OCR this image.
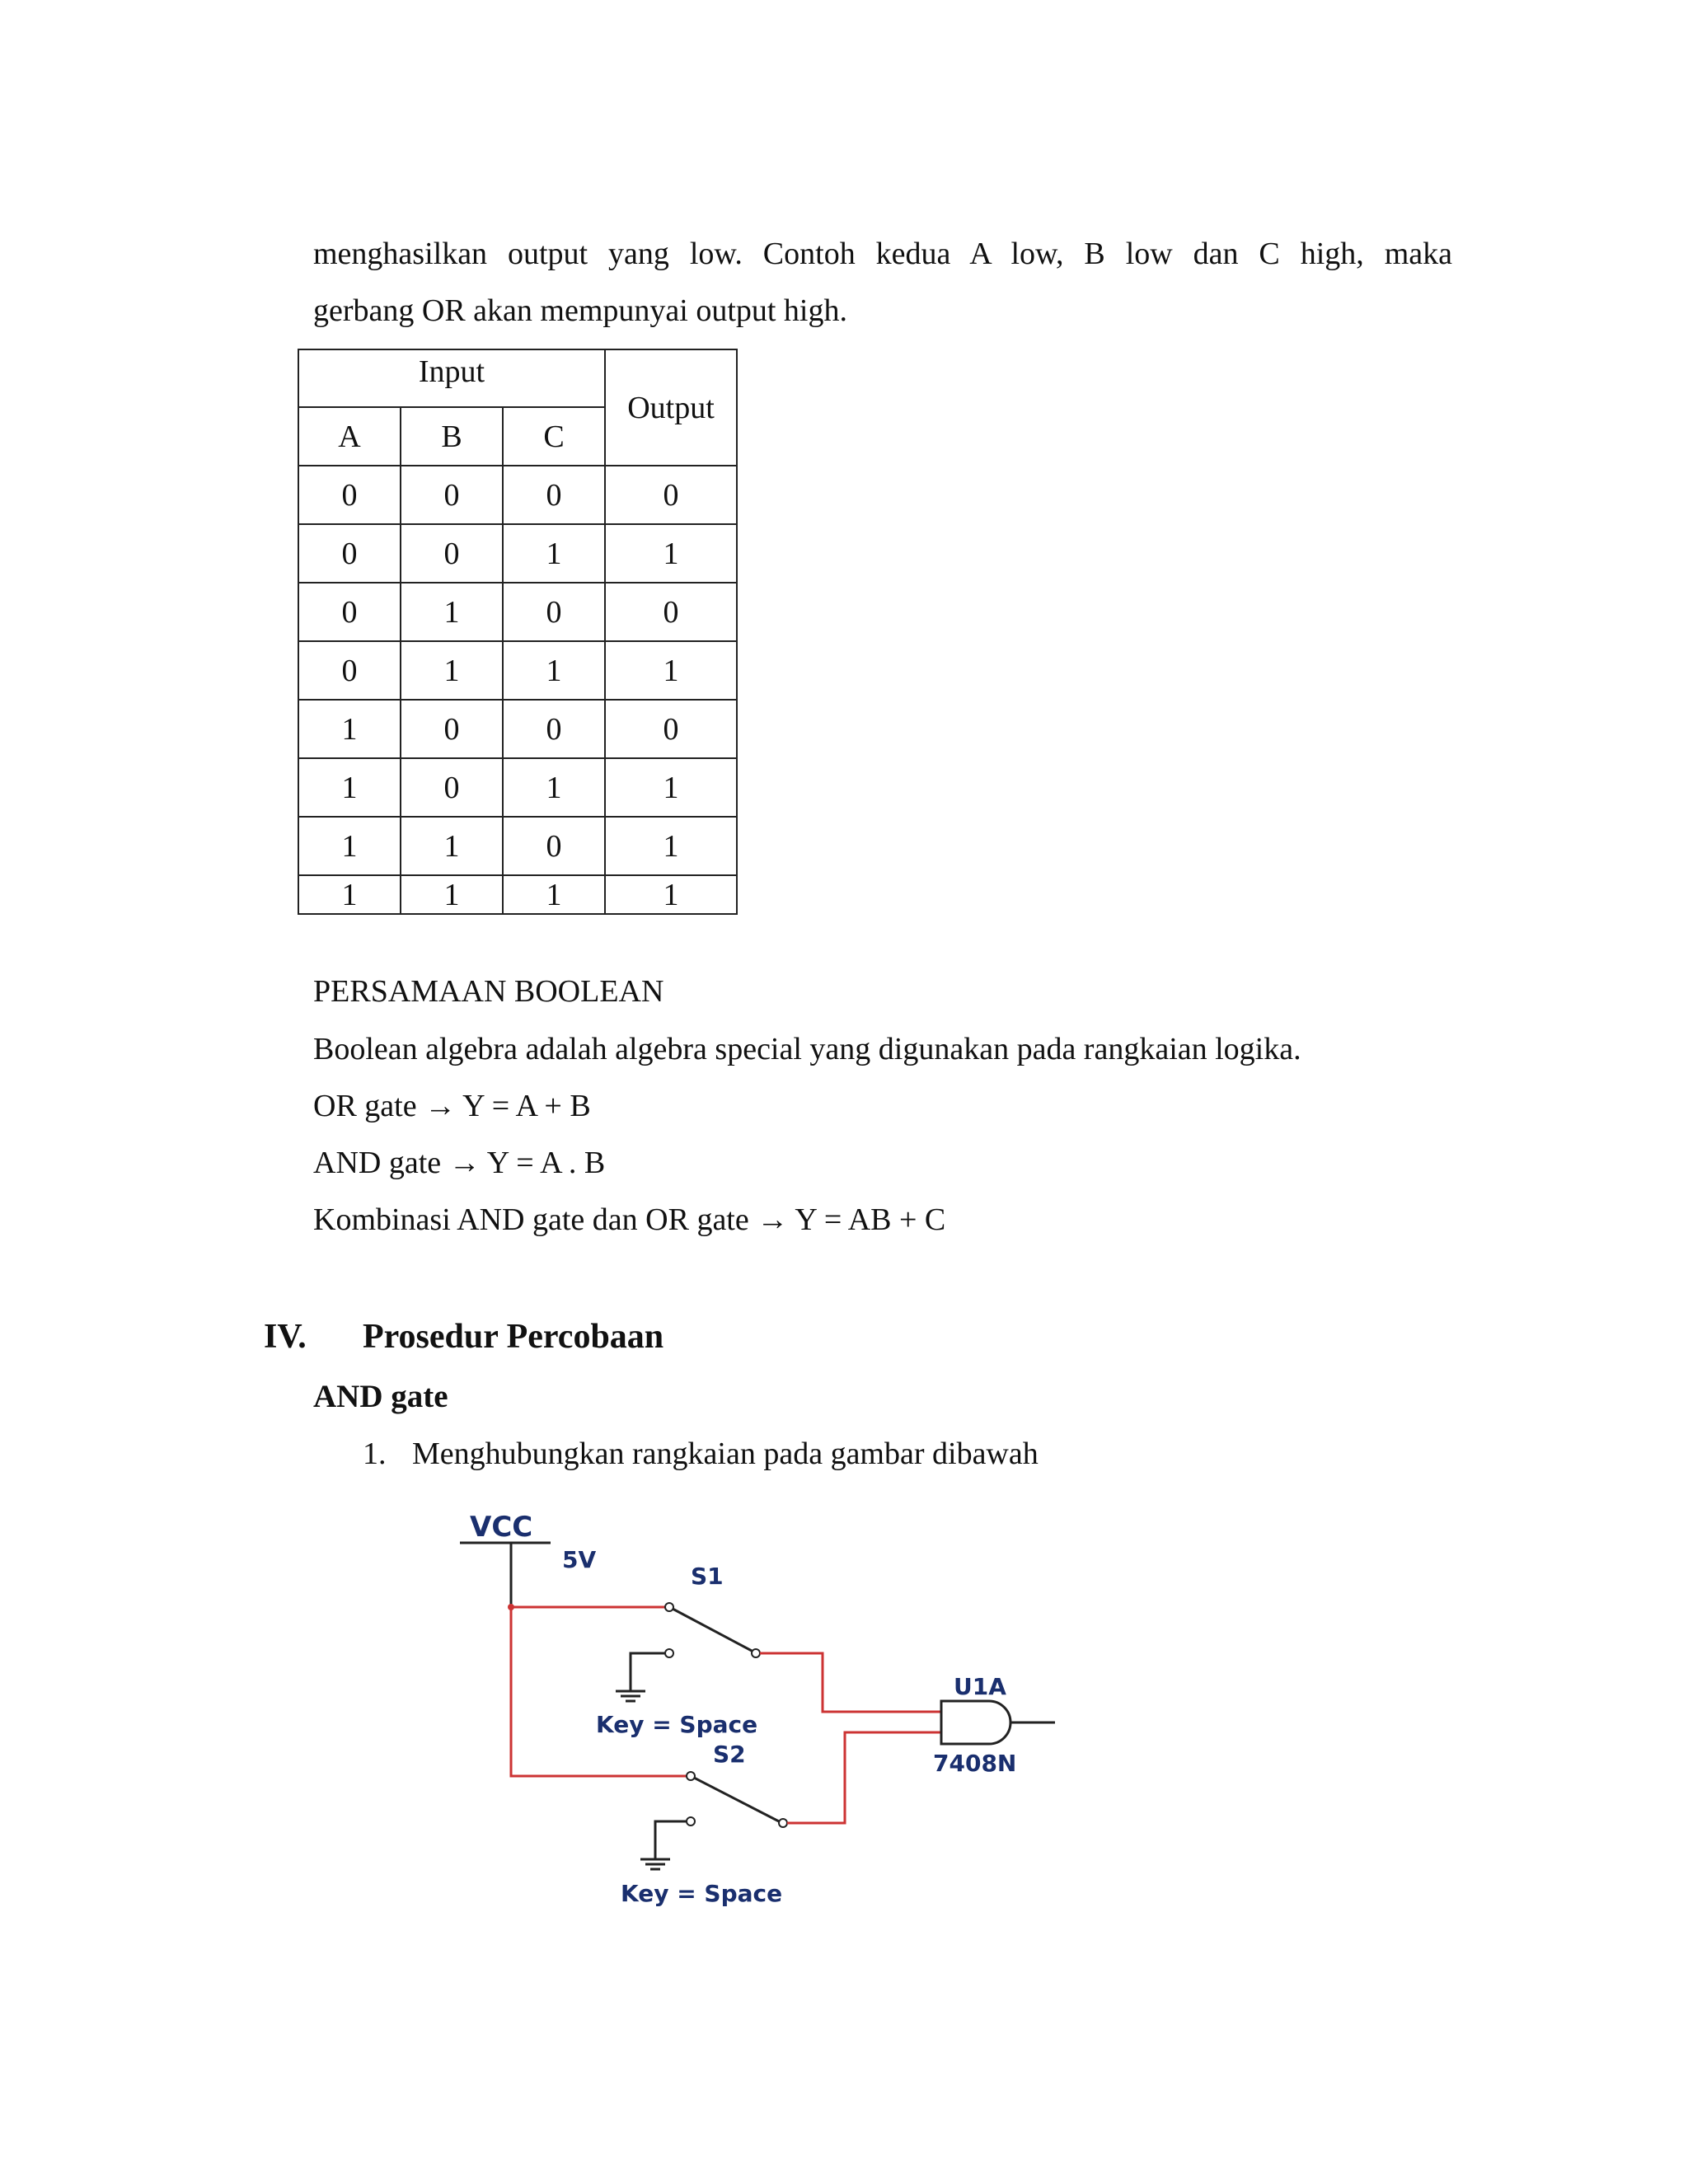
menghasilkan output yang low. Contoh kedua A low, B low dan C high, maka
gerbang OR akan mempunyai output high.
Input			Output
A	B	C	
0	0	0	0
0	0	1	1
0	1	0	0
0	1	1	1
1	0	0	0
1	0	1	1
1	1	0	1
1	1	1	1
PERSAMAAN BOOLEAN
Boolean algebra adalah algebra special yang digunakan pada rangkaian logika.
OR gate → Y = A + B
AND gate → Y = A . B
Kombinasi AND gate dan OR gate → Y = AB + C
IV. Prosedur Percobaan
AND gate
1. Menghubungkan rangkaian pada gambar dibawah
VCC
5V
S1
Key = Space
S2
Key = Space
U1A
7408N
